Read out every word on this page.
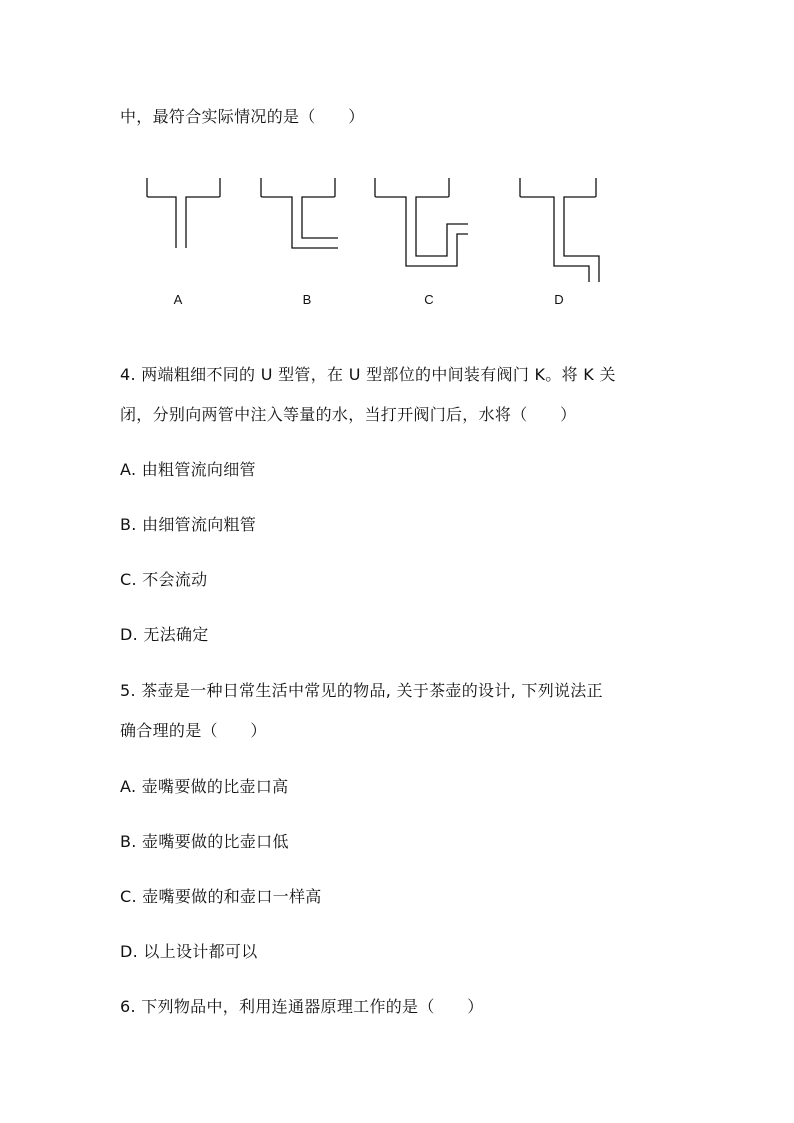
中，最符合实际情况的是（　　）
A	B	C	D
4. 两端粗细不同的 U 型管，在 U 型部位的中间装有阀门 K。将 K 关
闭，分别向两管中注入等量的水，当打开阀门后，水将（　　）
A. 由粗管流向细管
B. 由细管流向粗管
C. 不会流动
D. 无法确定
5. 茶壶是一种日常生活中常见的物品, 关于茶壶的设计, 下列说法正
确合理的是（　　）
A. 壶嘴要做的比壶口高
B. 壶嘴要做的比壶口低
C. 壶嘴要做的和壶口一样高
D. 以上设计都可以
6. 下列物品中，利用连通器原理工作的是（　　）
